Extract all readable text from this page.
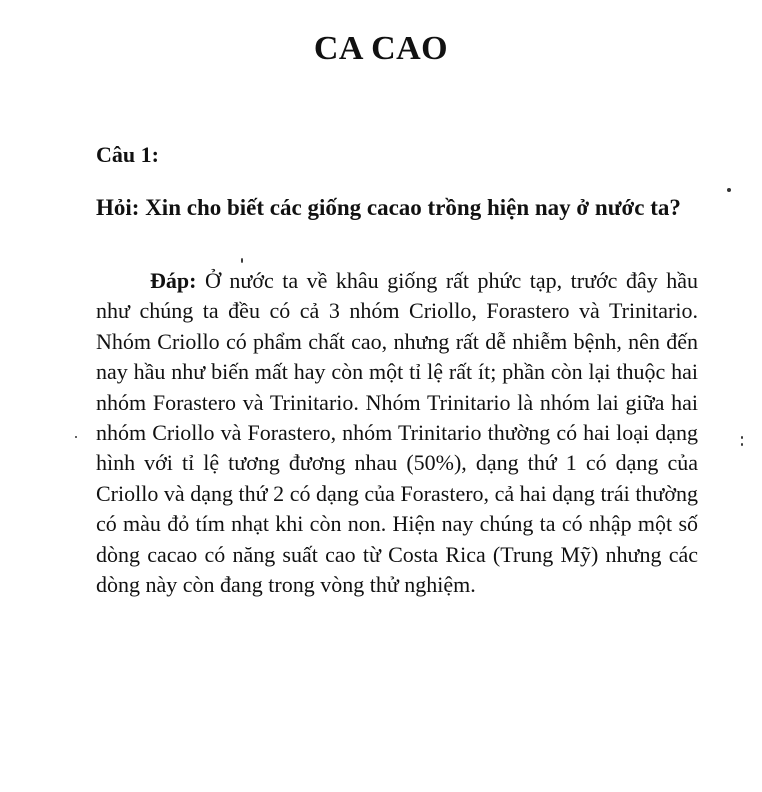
CA CAO
Câu 1:
Hỏi: Xin cho biết các giống cacao trồng hiện nay ở nước ta?
Đáp: Ở nước ta về khâu giống rất phức tạp, trước đây hầu như chúng ta đều có cả 3 nhóm Criollo, Forastero và Trinitario. Nhóm Criollo có phẩm chất cao, nhưng rất dễ nhiễm bệnh, nên đến nay hầu như biến mất hay còn một tỉ lệ rất ít; phần còn lại thuộc hai nhóm Forastero và Trinitario. Nhóm Trinitario là nhóm lai giữa hai nhóm Criollo và Forastero, nhóm Trinitario thường có hai loại dạng hình với tỉ lệ tương đương nhau (50%), dạng thứ 1 có dạng của Criollo và dạng thứ 2 có dạng của Forastero, cả hai dạng trái thường có màu đỏ tím nhạt khi còn non. Hiện nay chúng ta có nhập một số dòng cacao có năng suất cao từ Costa Rica (Trung Mỹ) nhưng các dòng này còn đang trong vòng thử nghiệm.
